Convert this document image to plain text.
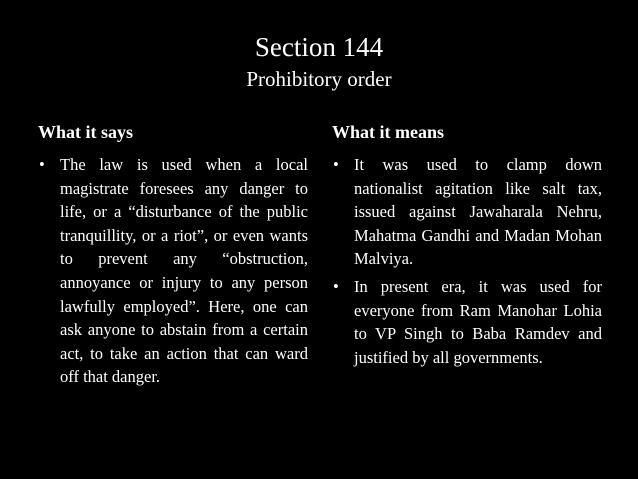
Section 144
Prohibitory order
What it says
• The law is used when a local magistrate foresees any danger to life, or a “disturbance of the public tranquillity, or a riot”, or even wants to prevent any “obstruction, annoyance or injury to any person lawfully employed”. Here, one can ask anyone to abstain from a certain act, to take an action that can ward off that danger.
What it means
• It was used to clamp down nationalist agitation like salt tax, issued against Jawaharala Nehru, Mahatma Gandhi and Madan Mohan Malviya.
• In present era, it was used for everyone from Ram Manohar Lohia to VP Singh to Baba Ramdev and justified by all governments.
